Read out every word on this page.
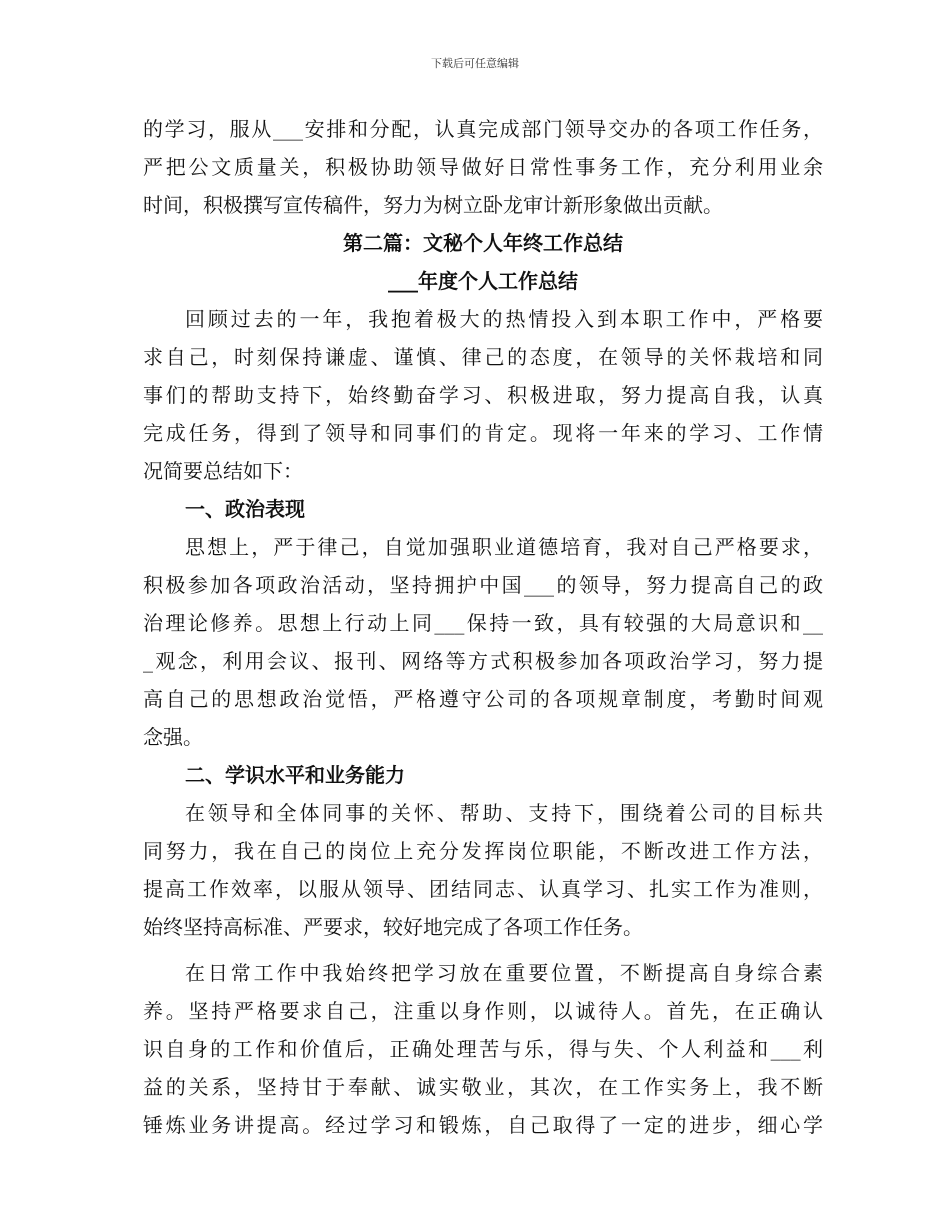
下载后可任意编辑
的学习，服从___安排和分配，认真完成部门领导交办的各项工作任务，
严把公文质量关，积极协助领导做好日常性事务工作，充分利用业余
时间，积极撰写宣传稿件，努力为树立卧龙审计新形象做出贡献。
第二篇：文秘个人年终工作总结
___年度个人工作总结
回顾过去的一年，我抱着极大的热情投入到本职工作中，严格要
求自己，时刻保持谦虚、谨慎、律己的态度，在领导的关怀栽培和同
事们的帮助支持下，始终勤奋学习、积极进取，努力提高自我，认真
完成任务，得到了领导和同事们的肯定。现将一年来的学习、工作情
况简要总结如下：
一、政治表现
思想上，严于律己，自觉加强职业道德培育，我对自己严格要求，
积极参加各项政治活动，坚持拥护中国___的领导，努力提高自己的政
治理论修养。思想上行动上同___保持一致，具有较强的大局意识和__
_观念，利用会议、报刊、网络等方式积极参加各项政治学习，努力提
高自己的思想政治觉悟，严格遵守公司的各项规章制度，考勤时间观
念强。
二、学识水平和业务能力
在领导和全体同事的关怀、帮助、支持下，围绕着公司的目标共
同努力，我在自己的岗位上充分发挥岗位职能，不断改进工作方法，
提高工作效率，以服从领导、团结同志、认真学习、扎实工作为准则，
始终坚持高标准、严要求，较好地完成了各项工作任务。
在日常工作中我始终把学习放在重要位置，不断提高自身综合素
养。坚持严格要求自己，注重以身作则，以诚待人。首先，在正确认
识自身的工作和价值后，正确处理苦与乐，得与失、个人利益和___利
益的关系，坚持甘于奉献、诚实敬业，其次，在工作实务上，我不断
锤炼业务讲提高。经过学习和锻炼，自己取得了一定的进步，细心学
